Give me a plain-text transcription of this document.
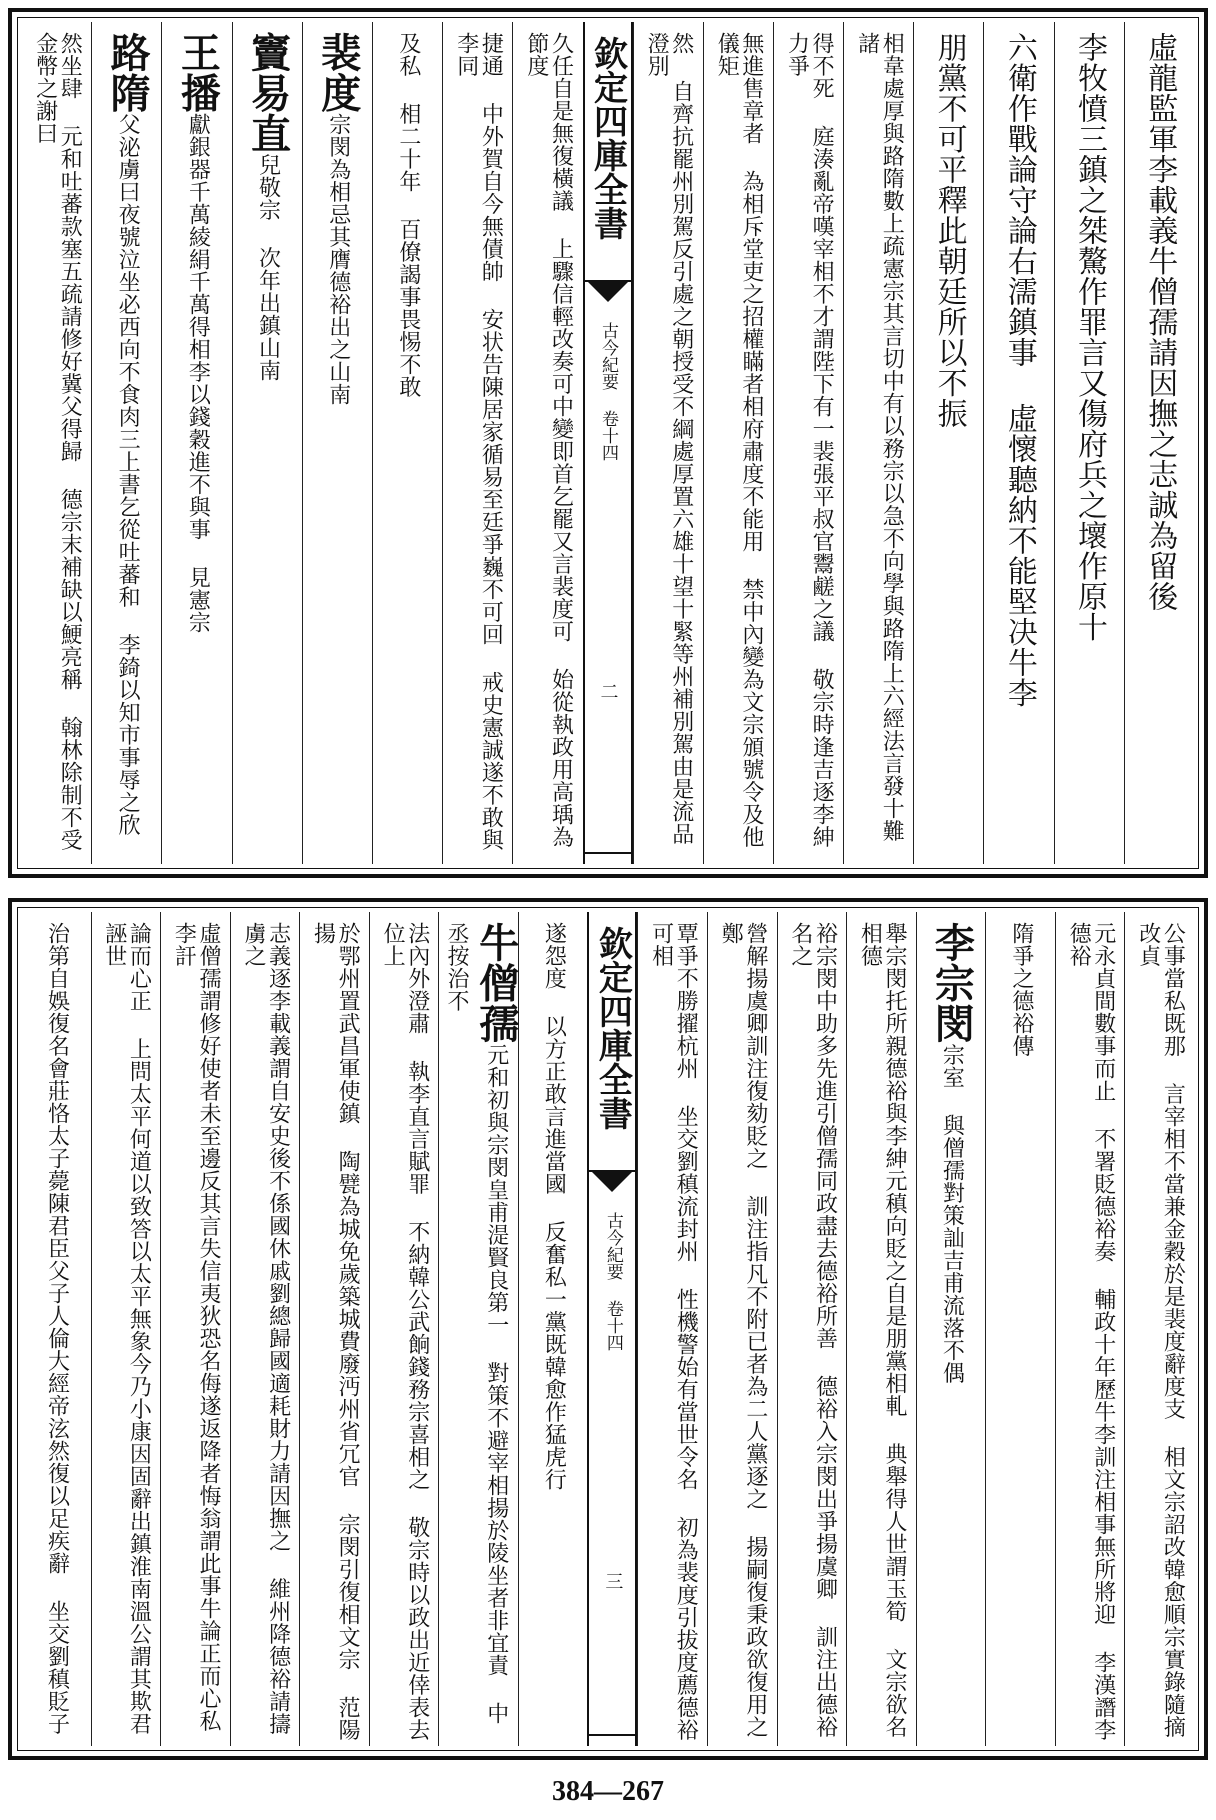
虛龍監軍李載義牛僧孺請因撫之志誠為留後
李牧憤三鎮之桀驁作罪言又傷府兵之壞作原十
六衛作戰論守論右濡鎮事 虛懷聽納不能堅决牛李
朋黨不可平釋此朝廷所以不振
相韋處厚與路隋數上疏憲宗其言切中有以務宗以急不向學與路隋上六經法言發十難諸
得不死 庭湊亂帝嘆宰相不才謂陛下有一裴張平叔官鬻鹺之議 敬宗時逢吉逐李紳力爭
無進售章者 為相斥堂吏之招權瞞者相府肅度不能用 禁中內變為文宗頒號令及他儀矩
然 自齊抗罷州別駕反引處之朝授受不綱處厚置六雄十望十緊等州補別駕由是流品澄別
欽定四庫全書
古今紀要 卷十四
二
久任自是無復橫議 上驟信輕改奏可中變即首乞罷又言裴度可 始從執政用高瑀為節度
捷通 中外賀自今無債帥 安状告陳居家循易至廷爭巍不可回 戒史憲誠遂不敢與李同
及私 相二十年 百僚謁事畏惕不敢
裴度宗閔為相忌其膺德裕出之山南
竇易直兒敬宗 次年出鎮山南
王播獻銀器千萬綾絹千萬得相李以錢穀進不與事 見憲宗
路隋父泌虜曰夜號泣坐必西向不食肉三上書乞從吐蕃和 李錡以知市事辱之欣
然坐肆 元和吐蕃款塞五疏請修好冀父得歸 德宗末補缺以鯁亮稱 翰林除制不受金幣之謝曰
公事當私既那 言宰相不當兼金穀於是裴度辭度支 相文宗詔改韓愈順宗實錄隨摘改貞
元永貞間數事而止 不署貶德裕奏 輔政十年歷牛李訓注相事無所將迎 李漢譖李德裕
隋爭之德裕傳
李宗閔宗室 與僧孺對策訕吉甫流落不偶
舉宗閔托所親德裕與李紳元稹向貶之自是朋黨相軋 典舉得人世謂玉筍 文宗欲名相德
裕宗閔中助多先進引僧孺同政盡去德裕所善 德裕入宗閔出爭揚虞卿 訓注出德裕名之
營解揚虞卿訓注復劾貶之 訓注指凡不附已者為二人黨逐之 揚嗣復秉政欲復用之鄭
覃爭不勝擢杭州 坐交劉稹流封州 性機警始有當世令名 初為裴度引拔度薦德裕可相
欽定四庫全書
古今紀要 卷十四
三
遂怨度 以方正敢言進當國 反奮私一黨既韓愈作猛虎行
牛僧孺元和初與宗閔皇甫湜賢良第一 對策不避宰相揚於陵坐者非宜責 中丞按治不
法內外澄肅 執李直言賦罪 不納韓公武餉錢務宗喜相之 敬宗時以政出近倖表去位上
於鄂州置武昌軍使鎮 陶甓為城免歲築城費廢沔州省冗官 宗閔引復相文宗 范陽揚
志義逐李載義謂自安史後不係國休戚劉總歸國適耗財力請因撫之 維州降德裕請擣虜之
虛僧孺謂修好使者未至邊反其言失信夷狄恐名侮遂返降者悔翁謂此事牛論正而心私李訐
論而心正 上問太平何道以致答以太平無象今乃小康因固辭出鎮淮南溫公謂其欺君誣世
治第自娛復名會莊恪太子薨陳君臣父子人倫大經帝泫然復以足疾辭 坐交劉稹貶子
384—267
